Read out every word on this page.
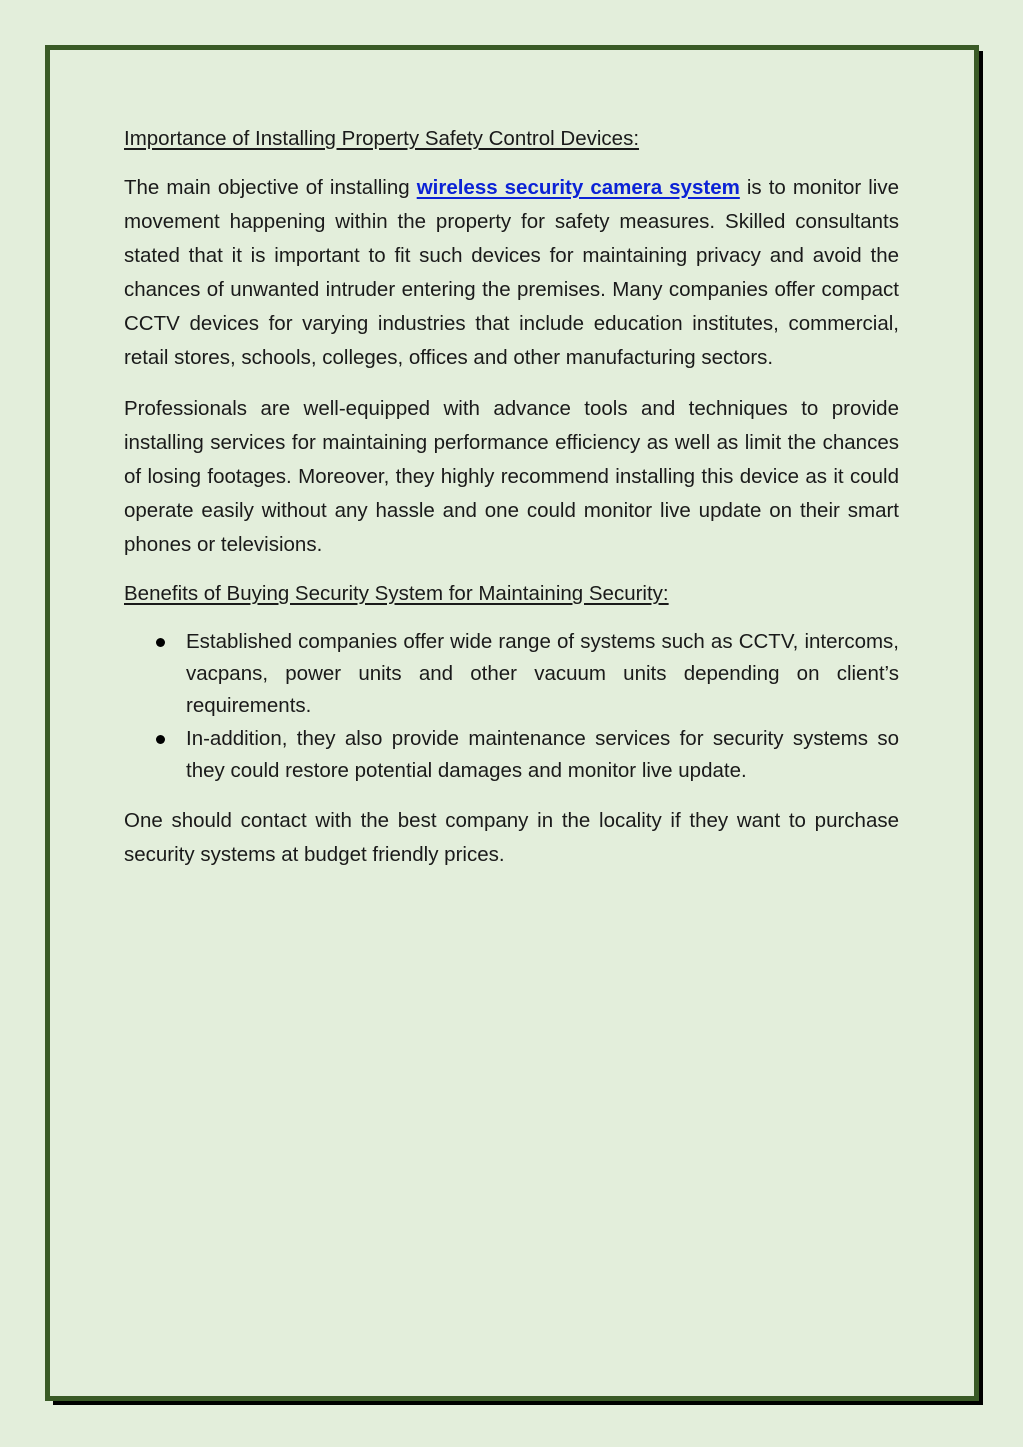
Importance of Installing Property Safety Control Devices:

The main objective of installing wireless security camera system is to monitor live movement happening within the property for safety measures. Skilled consultants stated that it is important to fit such devices for maintaining privacy and avoid the chances of unwanted intruder entering the premises. Many companies offer compact CCTV devices for varying industries that include education institutes, commercial, retail stores, schools, colleges, offices and other manufacturing sectors.

Professionals are well-equipped with advance tools and techniques to provide installing services for maintaining performance efficiency as well as limit the chances of losing footages. Moreover, they highly recommend installing this device as it could operate easily without any hassle and one could monitor live update on their smart phones or televisions.

Benefits of Buying Security System for Maintaining Security:
Established companies offer wide range of systems such as CCTV, intercoms, vacpans, power units and other vacuum units depending on client’s requirements.
In-addition, they also provide maintenance services for security systems so they could restore potential damages and monitor live update.

One should contact with the best company in the locality if they want to purchase security systems at budget friendly prices.
